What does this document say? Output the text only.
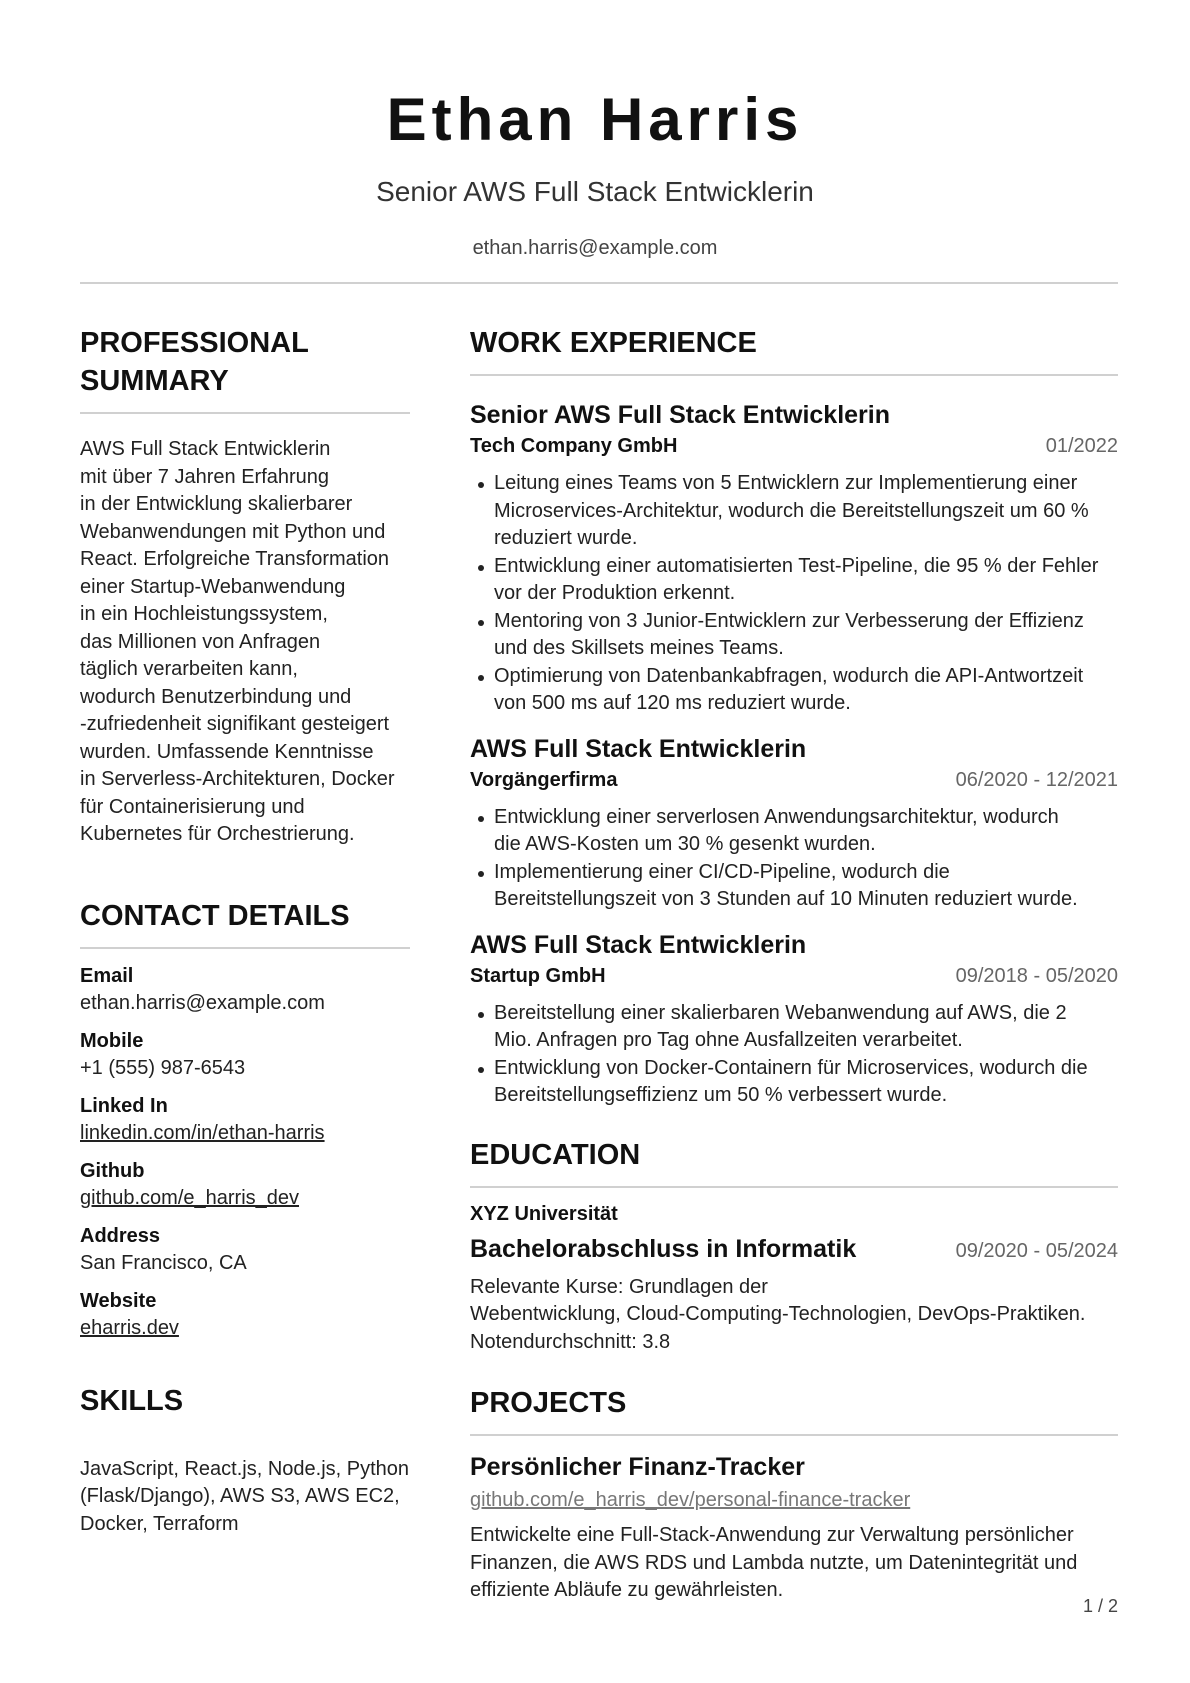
Ethan Harris
Senior AWS Full Stack Entwicklerin
ethan.harris@example.com
PROFESSIONAL
SUMMARY
AWS Full Stack Entwicklerin
mit über 7 Jahren Erfahrung
in der Entwicklung skalierbarer
Webanwendungen mit Python und
React. Erfolgreiche Transformation
einer Startup-Webanwendung
in ein Hochleistungssystem,
das Millionen von Anfragen
täglich verarbeiten kann,
wodurch Benutzerbindung und
-zufriedenheit signifikant gesteigert
wurden. Umfassende Kenntnisse
in Serverless-Architekturen, Docker
für Containerisierung und
Kubernetes für Orchestrierung.
CONTACT DETAILS
Email
ethan.harris@example.com
Mobile
+1 (555) 987-6543
Linked In
linkedin.com/in/ethan-harris
Github
github.com/e_harris_dev
Address
San Francisco, CA
Website
eharris.dev
SKILLS
JavaScript, React.js, Node.js, Python
(Flask/Django), AWS S3, AWS EC2,
Docker, Terraform
WORK EXPERIENCE
Senior AWS Full Stack Entwicklerin
Tech Company GmbH	01/2022
Leitung eines Teams von 5 Entwicklern zur Implementierung einer
Microservices-Architektur, wodurch die Bereitstellungszeit um 60 %
reduziert wurde.
Entwicklung einer automatisierten Test-Pipeline, die 95 % der Fehler
vor der Produktion erkennt.
Mentoring von 3 Junior-Entwicklern zur Verbesserung der Effizienz
und des Skillsets meines Teams.
Optimierung von Datenbankabfragen, wodurch die API-Antwortzeit
von 500 ms auf 120 ms reduziert wurde.
AWS Full Stack Entwicklerin
Vorgängerfirma	06/2020 - 12/2021
Entwicklung einer serverlosen Anwendungsarchitektur, wodurch
die AWS-Kosten um 30 % gesenkt wurden.
Implementierung einer CI/CD-Pipeline, wodurch die
Bereitstellungszeit von 3 Stunden auf 10 Minuten reduziert wurde.
AWS Full Stack Entwicklerin
Startup GmbH	09/2018 - 05/2020
Bereitstellung einer skalierbaren Webanwendung auf AWS, die 2
Mio. Anfragen pro Tag ohne Ausfallzeiten verarbeitet.
Entwicklung von Docker-Containern für Microservices, wodurch die
Bereitstellungseffizienz um 50 % verbessert wurde.
EDUCATION
XYZ Universität
Bachelorabschluss in Informatik	09/2020 - 05/2024
Relevante Kurse: Grundlagen der
Webentwicklung, Cloud-Computing-Technologien, DevOps-Praktiken.
Notendurchschnitt: 3.8
PROJECTS
Persönlicher Finanz-Tracker
github.com/e_harris_dev/personal-finance-tracker
Entwickelte eine Full-Stack-Anwendung zur Verwaltung persönlicher
Finanzen, die AWS RDS und Lambda nutzte, um Datenintegrität und
effiziente Abläufe zu gewährleisten.
1 / 2
